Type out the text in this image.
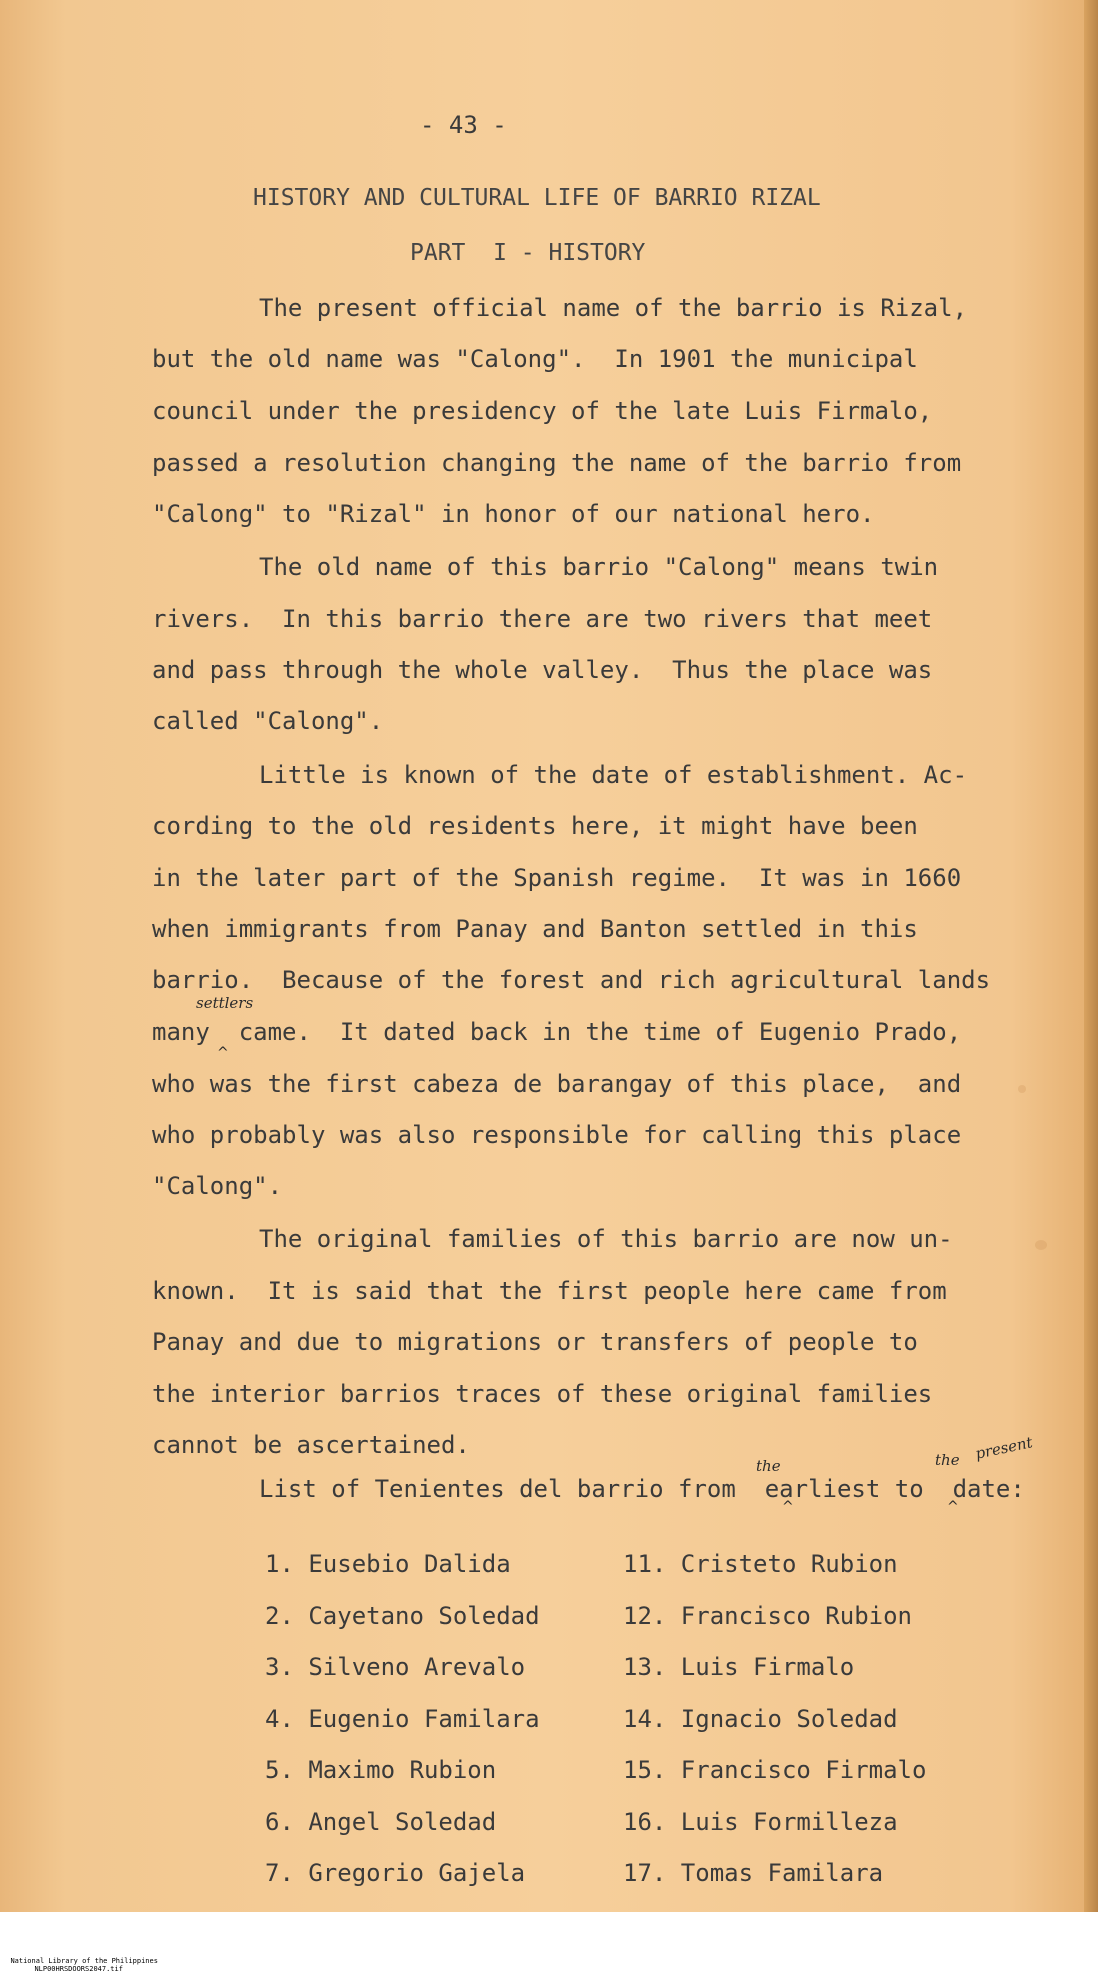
- 43 -

HISTORY AND CULTURAL LIFE OF BARRIO RIZAL

PART  I - HISTORY

The present official name of the barrio is Rizal,

but the old name was "Calong".  In 1901 the municipal

council under the presidency of the late Luis Firmalo,

passed a resolution changing the name of the barrio from

"Calong" to "Rizal" in honor of our national hero.

The old name of this barrio "Calong" means twin

rivers.  In this barrio there are two rivers that meet

and pass through the whole valley.  Thus the place was

called "Calong".

Little is known of the date of establishment. Ac-

cording to the old residents here, it might have been

in the later part of the Spanish regime.  It was in 1660

when immigrants from Panay and Banton settled in this

barrio.  Because of the forest and rich agricultural lands

settlers

^

many  came.  It dated back in the time of Eugenio Prado,

who was the first cabeza de barangay of this place,  and

who probably was also responsible for calling this place

"Calong".

The original families of this barrio are now un-

known.  It is said that the first people here came from

Panay and due to migrations or transfers of people to

the interior barrios traces of these original families

cannot be ascertained.

the	the present

List of Tenientes del barrio from  earliest to  date:

^	^

1. Eusebio Dalida

2. Cayetano Soledad

3. Silveno Arevalo

4. Eugenio Familara

5. Maximo Rubion

6. Angel Soledad

7. Gregorio Gajela

11. Cristeto Rubion

12. Francisco Rubion

13. Luis Firmalo

14. Ignacio Soledad

15. Francisco Firmalo

16. Luis Formilleza

17. Tomas Familara

National Library of the Philippines
NLP00HRSDOORS2047.tif
